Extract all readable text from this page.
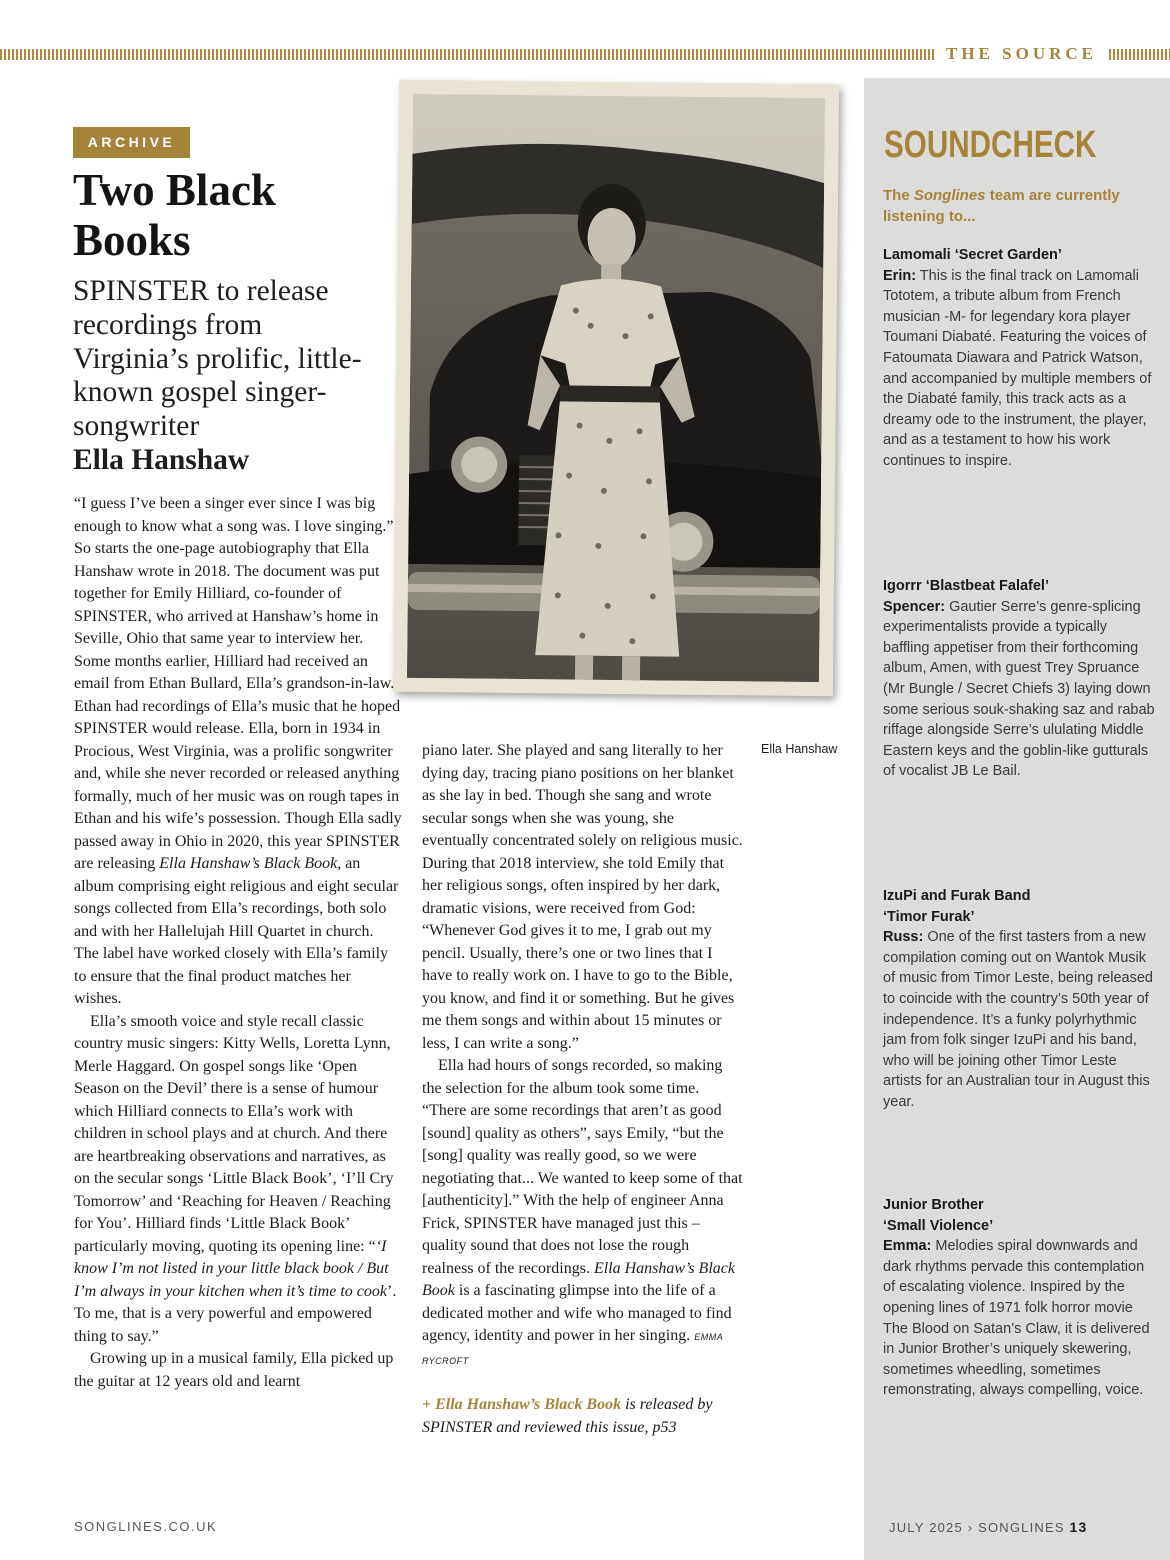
THE SOURCE
SOUNDCHECK
The Songlines team are currently listening to...
Lamomali ‘Secret Garden’
Erin: This is the final track on Lamomali Tototem, a tribute album from French musician -M- for legendary kora player Toumani Diabaté. Featuring the voices of Fatoumata Diawara and Patrick Watson, and accompanied by multiple members of the Diabaté family, this track acts as a dreamy ode to the instrument, the player, and as a testament to how his work continues to inspire.
Igorrr ‘Blastbeat Falafel’
Spencer: Gautier Serre’s genre-splicing experimentalists provide a typically baffling appetiser from their forthcoming album, Amen, with guest Trey Spruance (Mr Bungle / Secret Chiefs 3) laying down some serious souk-shaking saz and rabab riffage alongside Serre’s ululating Middle Eastern keys and the goblin-like gutturals of vocalist JB Le Bail.
IzuPi and Furak Band ‘Timor Furak’
Russ: One of the first tasters from a new compilation coming out on Wantok Musik of music from Timor Leste, being released to coincide with the country’s 50th year of independence. It’s a funky polyrhythmic jam from folk singer IzuPi and his band, who will be joining other Timor Leste artists for an Australian tour in August this year.
Junior Brother ‘Small Violence’
Emma: Melodies spiral downwards and dark rhythms pervade this contemplation of escalating violence. Inspired by the opening lines of 1971 folk horror movie The Blood on Satan’s Claw, it is delivered in Junior Brother’s uniquely skewering, sometimes wheedling, sometimes remonstrating, always compelling, voice.
ARCHIVE
Two Black Books
SPINSTER to release recordings from Virginia’s prolific, little-known gospel singer-songwriter
Ella Hanshaw

“I guess I’ve been a singer ever since I was big enough to know what a song was. I love singing.” So starts the one-page autobiography that Ella Hanshaw wrote in 2018. The document was put together for Emily Hilliard, co-founder of SPINSTER, who arrived at Hanshaw’s home in Seville, Ohio that same year to interview her. Some months earlier, Hilliard had received an email from Ethan Bullard, Ella’s grandson-in-law. Ethan had recordings of Ella’s music that he hoped SPINSTER would release. Ella, born in 1934 in Procious, West Virginia, was a prolific songwriter and, while she never recorded or released anything formally, much of her music was on rough tapes in Ethan and his wife’s possession. Though Ella sadly passed away in Ohio in 2020, this year SPINSTER are releasing Ella Hanshaw’s Black Book, an album comprising eight religious and eight secular songs collected from Ella’s recordings, both solo and with her Hallelujah Hill Quartet in church. The label have worked closely with Ella’s family to ensure that the final product matches her wishes.

Ella’s smooth voice and style recall classic country music singers: Kitty Wells, Loretta Lynn, Merle Haggard. On gospel songs like ‘Open Season on the Devil’ there is a sense of humour which Hilliard connects to Ella’s work with children in school plays and at church. And there are heartbreaking observations and narratives, as on the secular songs ‘Little Black Book’, ‘I’ll Cry Tomorrow’ and ‘Reaching for Heaven / Reaching for You’. Hilliard finds ‘Little Black Book’ particularly moving, quoting its opening line: “‘I know I’m not listed in your little black book / But I’m always in your kitchen when it’s time to cook’. To me, that is a very powerful and empowered thing to say.”

Growing up in a musical family, Ella picked up the guitar at 12 years old and learnt

piano later. She played and sang literally to her dying day, tracing piano positions on her blanket as she lay in bed. Though she sang and wrote secular songs when she was young, she eventually concentrated solely on religious music. During that 2018 interview, she told Emily that her religious songs, often inspired by her dark, dramatic visions, were received from God: “Whenever God gives it to me, I grab out my pencil. Usually, there’s one or two lines that I have to really work on. I have to go to the Bible, you know, and find it or something. But he gives me them songs and within about 15 minutes or less, I can write a song.”

Ella had hours of songs recorded, so making the selection for the album took some time. “There are some recordings that aren’t as good [sound] quality as others”, says Emily, “but the [song] quality was really good, so we were negotiating that... We wanted to keep some of that [authenticity].” With the help of engineer Anna Frick, SPINSTER have managed just this – quality sound that does not lose the rough realness of the recordings. Ella Hanshaw’s Black Book is a fascinating glimpse into the life of a dedicated mother and wife who managed to find agency, identity and power in her singing. EMMA RYCROFT

+ Ella Hanshaw’s Black Book is released by SPINSTER and reviewed this issue, p53

Ella Hanshaw
SONGLINES.CO.UK	JULY 2025 › SONGLINES 13
